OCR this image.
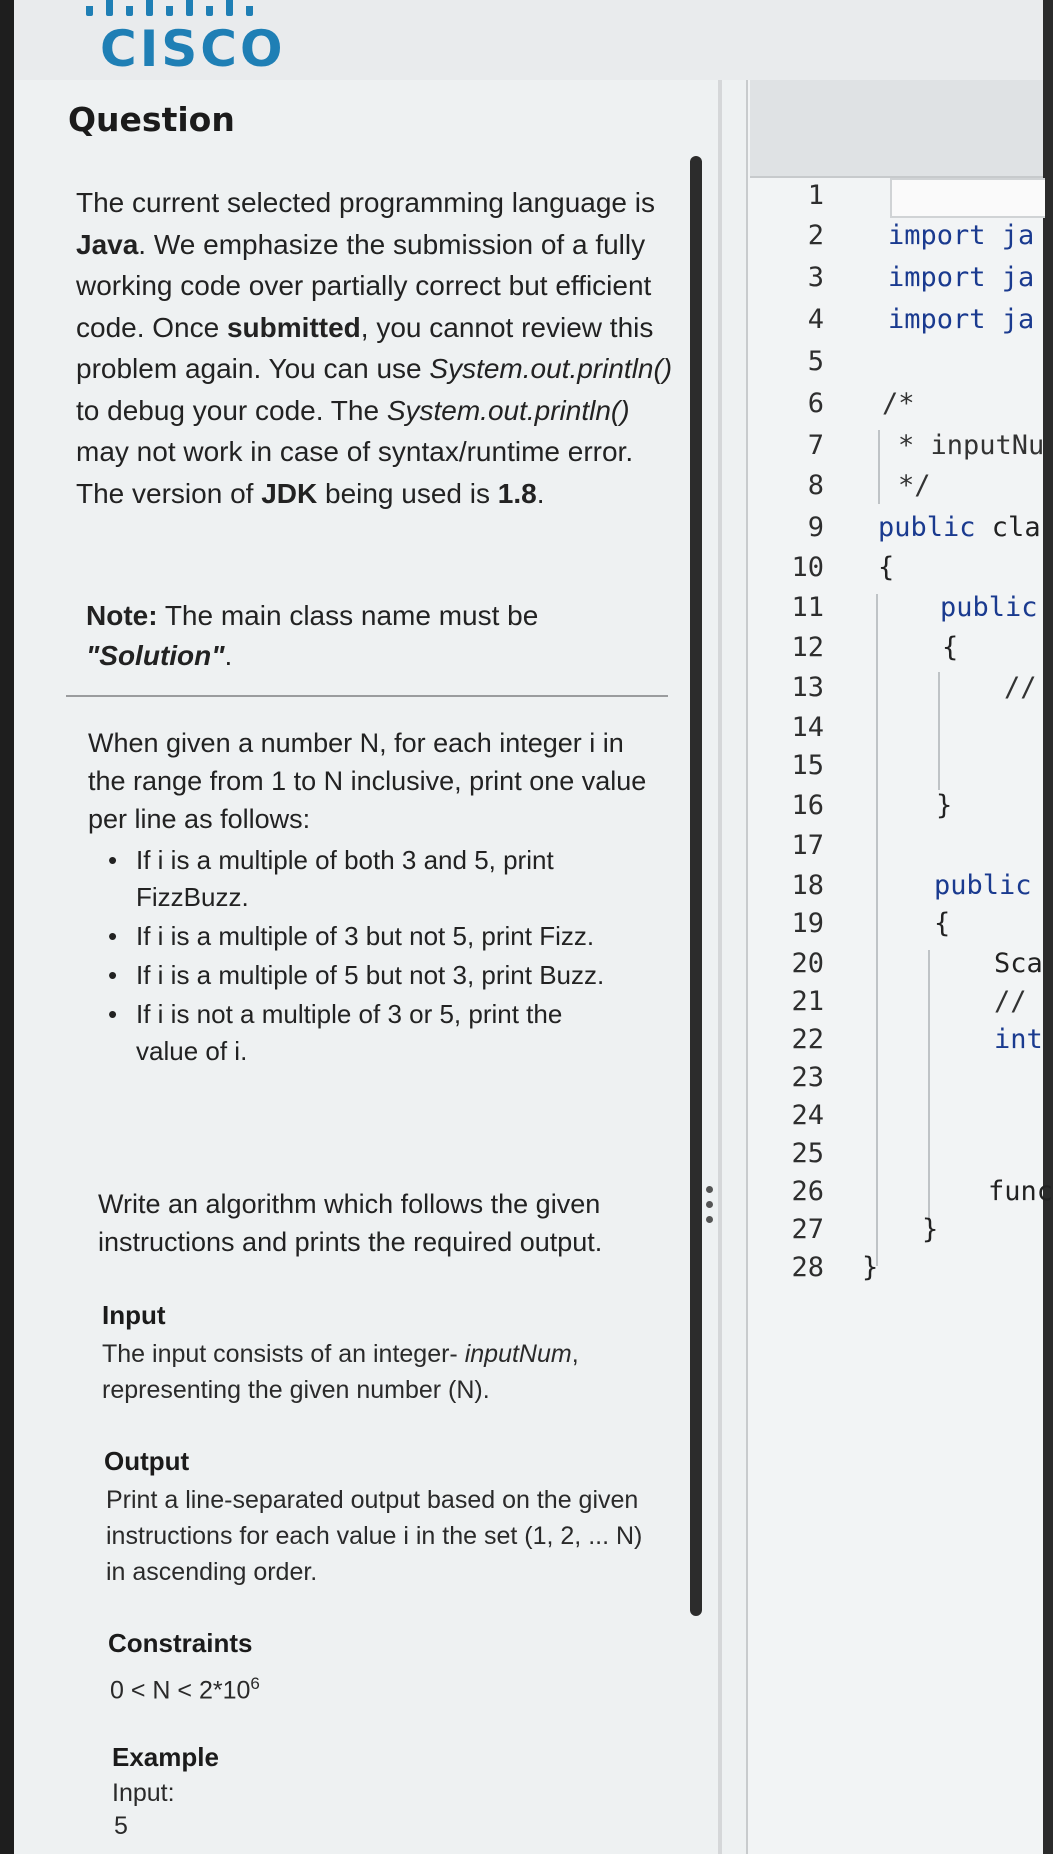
CISCO
Question
The current selected programming language is Java. We emphasize the submission of a fully working code over partially correct but efficient code. Once submitted, you cannot review this problem again. You can use System.out.println() to debug your code. The System.out.println() may not work in case of syntax/runtime error. The version of JDK being used is 1.8.
Note: The main class name must be "Solution".
When given a number N, for each integer i in the range from 1 to N inclusive, print one value per line as follows:
• If i is a multiple of both 3 and 5, print FizzBuzz.
• If i is a multiple of 3 but not 5, print Fizz.
• If i is a multiple of 5 but not 3, print Buzz.
• If i is not a multiple of 3 or 5, print the value of i.
Write an algorithm which follows the given instructions and prints the required output.
Input
The input consists of an integer- inputNum, representing the given number (N).
Output
Print a line-separated output based on the given instructions for each value i in the set (1, 2, ... N) in ascending order.
Constraints
$0 < N < 2*10^6$
Example
Input:
5
1
2 import ja
3 import ja
4 import ja
5
6 /*
7	* inputNu
8	*/
9 public cla
10 {
11	public
12	{
13	//
14
15
16	}
17
18	public
19	{
20	Sca
21	//
22	int
23
24
25
26	func
27	}
28 }
